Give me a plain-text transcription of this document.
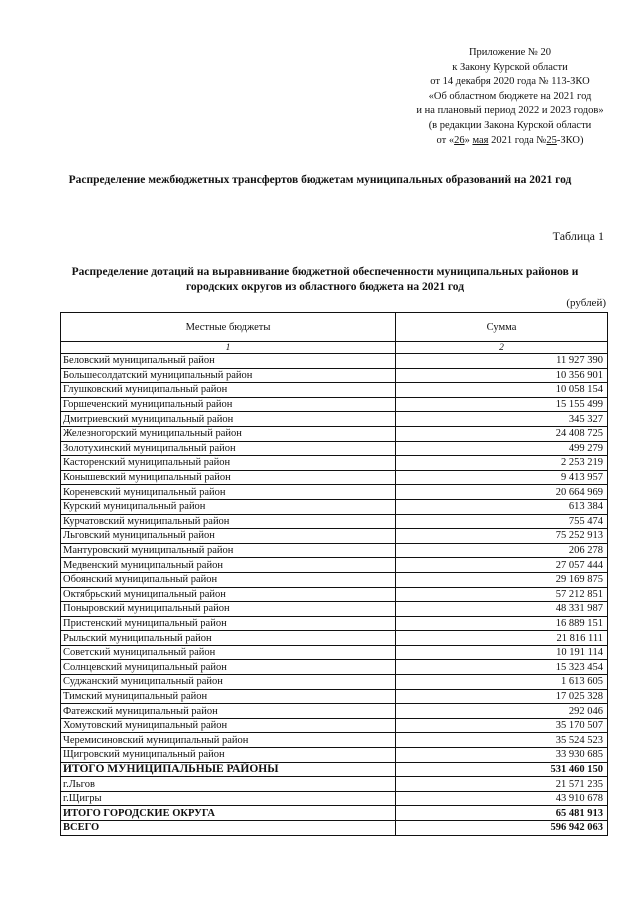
Приложение № 20
к Закону Курской области
от 14 декабря 2020 года № 113-ЗКО
«Об областном бюджете на 2021 год
и на плановый период 2022 и 2023 годов»
(в редакции Закона Курской области
от «26» мая 2021 года №25-ЗКО)
Распределение межбюджетных трансфертов бюджетам муниципальных образований на 2021 год
Таблица 1
Распределение дотаций на выравнивание бюджетной обеспеченности муниципальных районов и
городских округов из областного бюджета на 2021 год
(рублей)
Местные бюджеты	Сумма
1	2
Беловский муниципальный район	11 927 390
Большесолдатский муниципальный район	10 356 901
Глушковский муниципальный район	10 058 154
Горшеченский муниципальный район	15 155 499
Дмитриевский муниципальный район	345 327
Железногорский муниципальный район	24 408 725
Золотухинский муниципальный район	499 279
Касторенский муниципальный район	2 253 219
Конышевский муниципальный район	9 413 957
Кореневский муниципальный район	20 664 969
Курский муниципальный район	613 384
Курчатовский муниципальный район	755 474
Льговский муниципальный район	75 252 913
Мантуровский муниципальный район	206 278
Медвенский муниципальный район	27 057 444
Обоянский муниципальный район	29 169 875
Октябрьский муниципальный район	57 212 851
Поныровский муниципальный район	48 331 987
Пристенский муниципальный район	16 889 151
Рыльский муниципальный район	21 816 111
Советский муниципальный район	10 191 114
Солнцевский муниципальный район	15 323 454
Суджанский муниципальный район	1 613 605
Тимский муниципальный район	17 025 328
Фатежский муниципальный район	292 046
Хомутовский муниципальный район	35 170 507
Черемисиновский муниципальный район	35 524 523
Щигровский муниципальный район	33 930 685
ИТОГО МУНИЦИПАЛЬНЫЕ РАЙОНЫ	531 460 150
г.Льгов	21 571 235
г.Щигры	43 910 678
ИТОГО ГОРОДСКИЕ ОКРУГА	65 481 913
ВСЕГО	596 942 063
